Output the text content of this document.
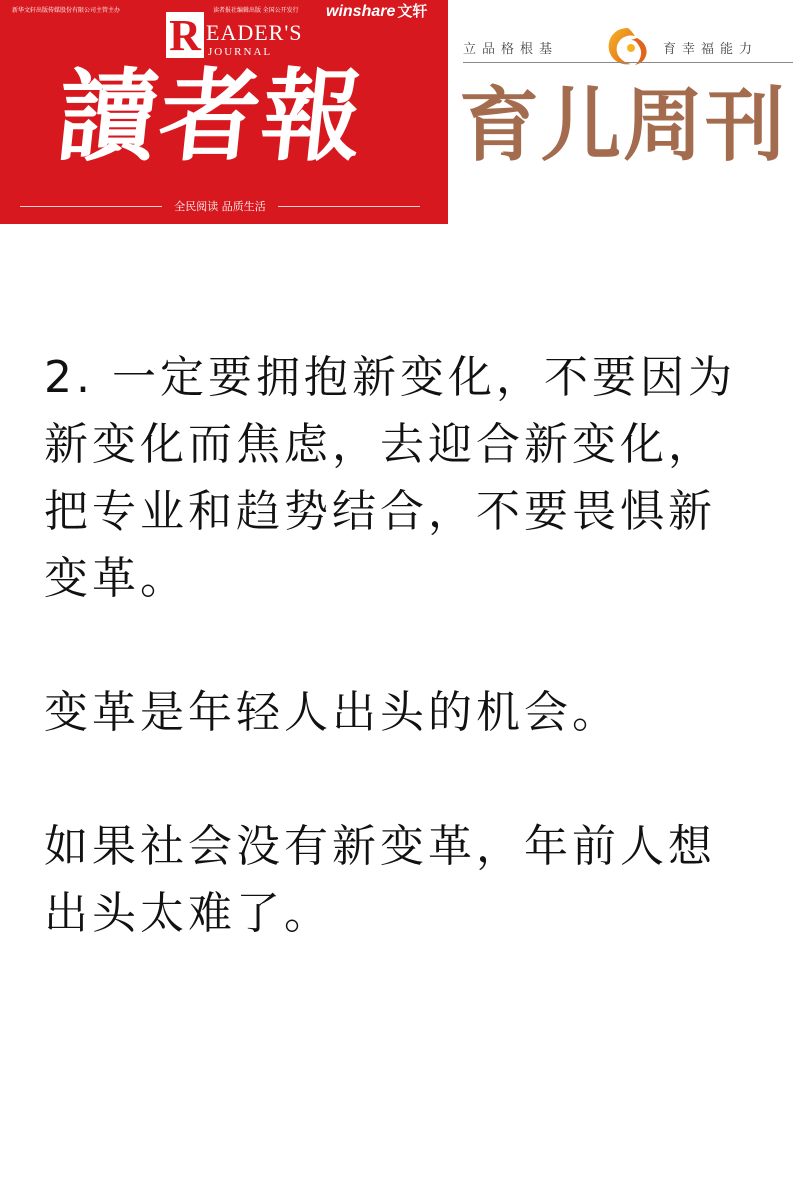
新华文轩出版传媒股份有限公司主管主办	读者报社编辑出版 全国公开发行 winshare 文轩
R EADER'S
JOURNAL
讀者報
全民阅读 品质生活
立品格根基	育幸福能力
育儿周刊

2. 一定要拥抱新变化，不要因为新变化而焦虑，去迎合新变化，把专业和趋势结合，不要畏惧新变革。

变革是年轻人出头的机会。

如果社会没有新变革，年前人想出头太难了。
